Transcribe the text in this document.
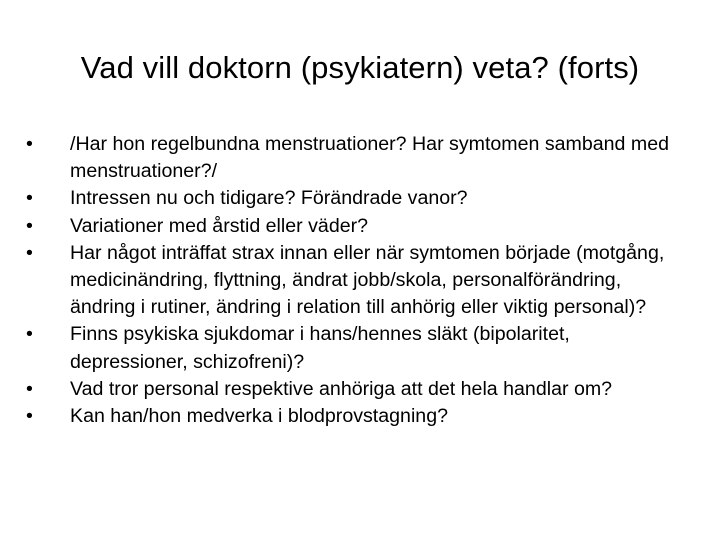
Vad vill doktorn (psykiatern) veta? (forts)
•	/Har hon regelbundna menstruationer? Har symtomen samband med menstruationer?/
•	Intressen nu och tidigare? Förändrade vanor?
•	Variationer med årstid eller väder?
•	Har något inträffat strax innan eller när symtomen började (motgång, medicinändring, flyttning, ändrat jobb/skola, personalförändring, ändring i rutiner, ändring i relation till anhörig eller viktig personal)?
•	Finns psykiska sjukdomar i hans/hennes släkt (bipolaritet, depressioner, schizofreni)?
•	Vad tror personal respektive anhöriga att det hela handlar om?
•	Kan han/hon medverka i blodprovstagning?
